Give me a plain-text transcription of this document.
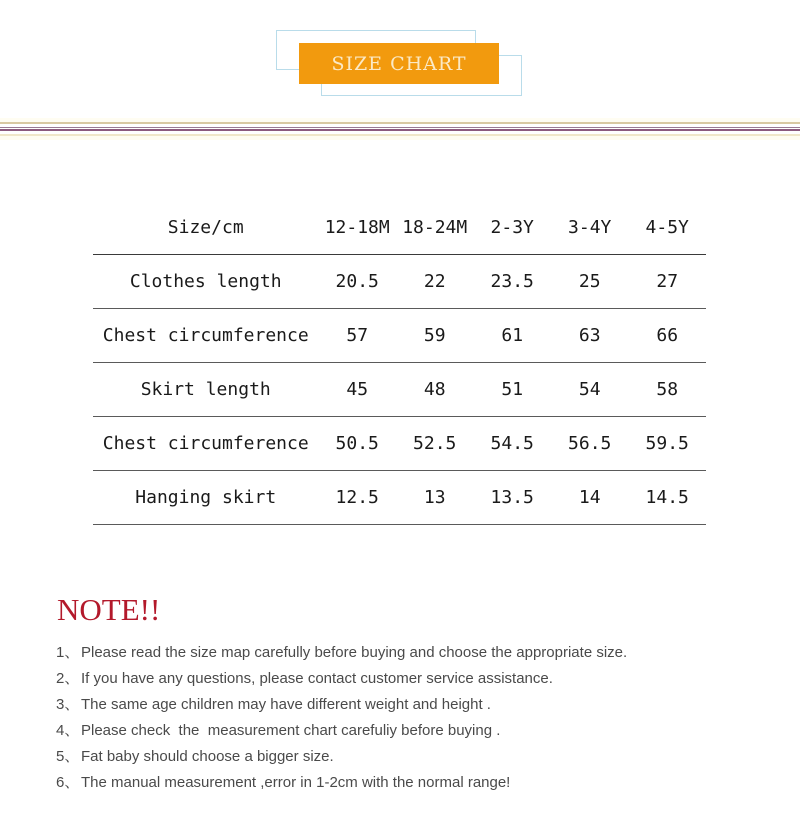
SIZE CHART
Size/cm	12-18M	18-24M	2-3Y	3-4Y	4-5Y
Clothes length	20.5	22	23.5	25	27
Chest circumference	57	59	61	63	66
Skirt length	45	48	51	54	58
Chest circumference	50.5	52.5	54.5	56.5	59.5
Hanging skirt	12.5	13	13.5	14	14.5
NOTE!!
1、 Please read the size map carefully before buying and choose the appropriate size.
2、 If you have any questions, please contact customer service assistance.
3、 The same age children may have different weight and height .
4、 Please check  the  measurement chart carefuliy before buying .
5、 Fat baby should choose a bigger size.
6、 The manual measurement ,error in 1-2cm with the normal range!
